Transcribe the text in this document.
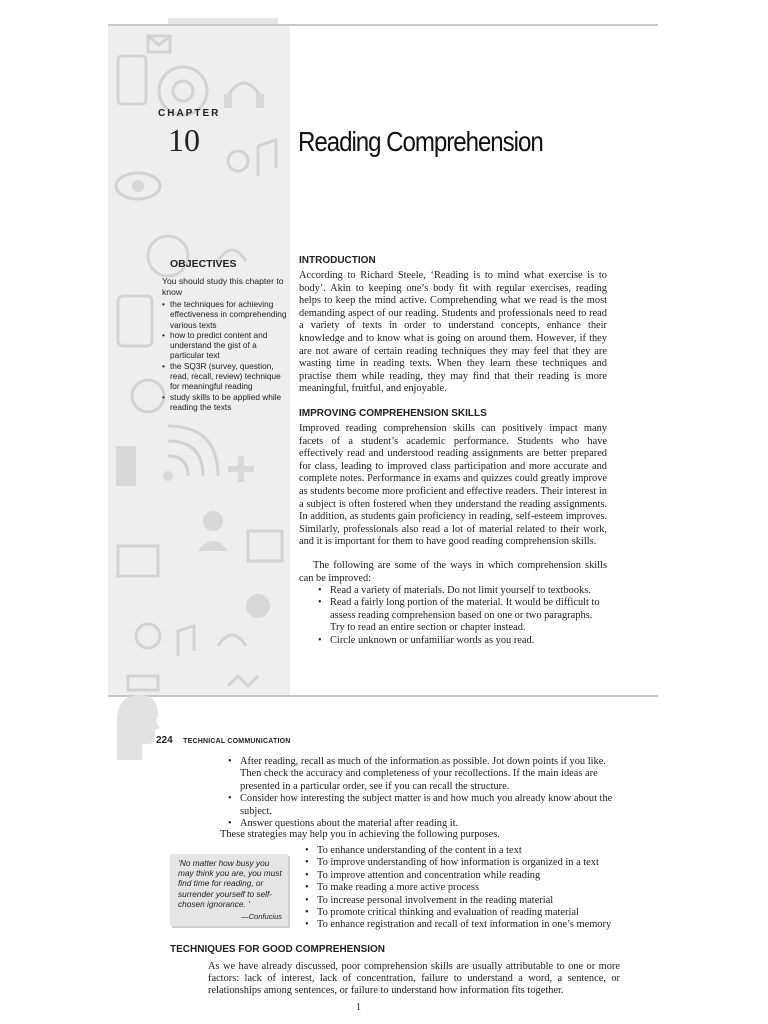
CHAPTER
10	Reading Comprehension
OBJECTIVES
You should study this chapter to know
• the techniques for achieving effectiveness in comprehending various texts
• how to predict content and understand the gist of a particular text
• the SQ3R (survey, question, read, recall, review) technique for meaningful reading
• study skills to be applied while reading the texts
INTRODUCTION

According to Richard Steele, ‘Reading is to mind what exercise is to body’. Akin to keeping one’s body fit with regular exercises, reading helps to keep the mind active. Comprehending what we read is the most demanding aspect of our reading. Students and professionals need to read a variety of texts in order to understand concepts, enhance their knowledge and to know what is going on around them. However, if they are not aware of certain reading techniques they may feel that they are wasting time in reading texts. When they learn these techniques and practise them while reading, they may find that their reading is more meaningful, fruitful, and enjoyable.

IMPROVING COMPREHENSION SKILLS

Improved reading comprehension skills can positively impact many facets of a student’s academic performance. Students who have effectively read and understood reading assignments are better prepared for class, leading to improved class participation and more accurate and complete notes. Performance in exams and quizzes could greatly improve as students become more proficient and effective readers. Their interest in a subject is often fostered when they understand the reading assignments. In addition, as students gain proficiency in reading, self-esteem improves. Similarly, professionals also read a lot of material related to their work, and it is important for them to have good reading comprehension skills.

The following are some of the ways in which comprehension skills can be improved:

• Read a variety of materials. Do not limit yourself to textbooks.
• Read a fairly long portion of the material. It would be difficult to assess reading comprehension based on one or two paragraphs. Try to read an entire section or chapter instead.
• Circle unknown or unfamiliar words as you read.
224 TECHNICAL COMMUNICATION
• After reading, recall as much of the information as possible. Jot down points if you like. Then check the accuracy and completeness of your recollections. If the main ideas are presented in a particular order, see if you can recall the structure.
• Consider how interesting the subject matter is and how much you already know about the subject.
• Answer questions about the material after reading it.

These strategies may help you in achieving the following purposes.

‘No matter how busy you may think you are, you must find time for reading, or surrender yourself to self-chosen ignorance. ’
—Confucius
• To enhance understanding of the content in a text
• To improve understanding of how information is organized in a text
• To improve attention and concentration while reading
• To make reading a more active process
• To increase personal involvement in the reading material
• To promote critical thinking and evaluation of reading material
• To enhance registration and recall of text information in one’s memory
TECHNIQUES FOR GOOD COMPREHENSION

As we have already discussed, poor comprehension skills are usually attributable to one or more factors: lack of interest, lack of concentration, failure to understand a word, a sentence, or relationships among sentences, or failure to understand how information fits together.

1
